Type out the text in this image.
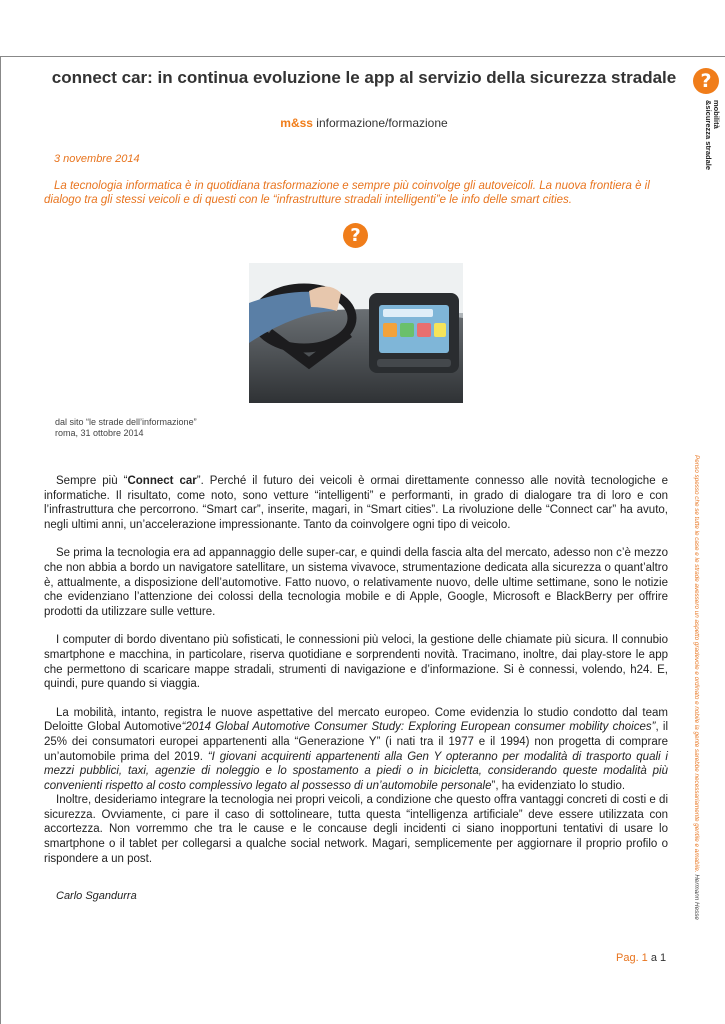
connect car: in continua evoluzione le app al servizio della sicurezza stradale	?
mobilità
&sicurezza stradale
m&ss informazione/formazione
3 novembre 2014
La tecnologia informatica è in quotidiana trasformazione e sempre più coinvolge gli autoveicoli. La nuova frontiera è il dialogo tra gli stessi veicoli e di questi con le “infrastrutture stradali intelligenti”e le info delle smart cities.
?
dal sito “le strade dell’informazione”
roma, 31 ottobre 2014

Sempre più “Connect car”. Perché il futuro dei veicoli è ormai direttamente connesso alle novità tecnologiche e informatiche. Il risultato, come noto, sono vetture “intelligenti” e performanti, in grado di dialogare tra di loro e con l’infrastruttura che percorrono. “Smart car”, inserite, magari, in “Smart cities”. La rivoluzione delle “Connect car” ha avuto, negli ultimi anni, un’accelerazione impressionante. Tanto da coinvolgere ogni tipo di veicolo.

Se prima la tecnologia era ad appannaggio delle super-car, e quindi della fascia alta del mercato, adesso non c’è mezzo che non abbia a bordo un navigatore satellitare, un sistema vivavoce, strumentazione dedicata alla sicurezza o quant’altro è, attualmente, a disposizione dell’automotive. Fatto nuovo, o relativamente nuovo, delle ultime settimane, sono le notizie che evidenziano l’attenzione dei colossi della tecnologia mobile e di Apple, Google, Microsoft e BlackBerry per offrire prodotti da utilizzare sulle vetture.

I computer di bordo diventano più sofisticati, le connessioni più veloci, la gestione delle chiamate più sicura. Il connubio smartphone e macchina, in particolare, riserva quotidiane e sorprendenti novità. Tracimano, inoltre, dai play-store le app che permettono di scaricare mappe stradali, strumenti di navigazione e d’informazione. Si è connessi, volendo, h24. E, quindi, pure quando si viaggia.

La mobilità, intanto, registra le nuove aspettative del mercato europeo. Come evidenzia lo studio condotto dal team Deloitte Global Automotive“2014 Global Automotive Consumer Study: Exploring European consumer mobility choices”, il 25% dei consumatori europei appartenenti alla “Generazione Y” (i nati tra il 1977 e il 1994) non progetta di comprare un’automobile prima del 2019. “I giovani acquirenti appartenenti alla Gen Y opteranno per modalità di trasporto quali i mezzi pubblici, taxi, agenzie di noleggio e lo spostamento a piedi o in bicicletta, considerando queste modalità più convenienti rispetto al costo complessivo legato al possesso di un’automobile personale”, ha evidenziato lo studio.

Inoltre, desideriamo integrare la tecnologia nei propri veicoli, a condizione che questo offra vantaggi concreti di costi e di sicurezza. Ovviamente, ci pare il caso di sottolineare, tutta questa “intelligenza artificiale” deve essere utilizzata con accortezza. Non vorremmo che tra le cause e le concause degli incidenti ci siano inopportuni tentativi di usare lo smartphone o il tablet per collegarsi a qualche social network. Magari, semplicemente per aggiornare il proprio profilo o rispondere a un post.

Carlo Sgandurra
Penso spesso che se tutte le case e le strade avessero un aspetto gradevole e ordinato e nobile la gente sarebbe necessariamente gentile e amabile. Hermann Hesse
Pag. 1 a 1
